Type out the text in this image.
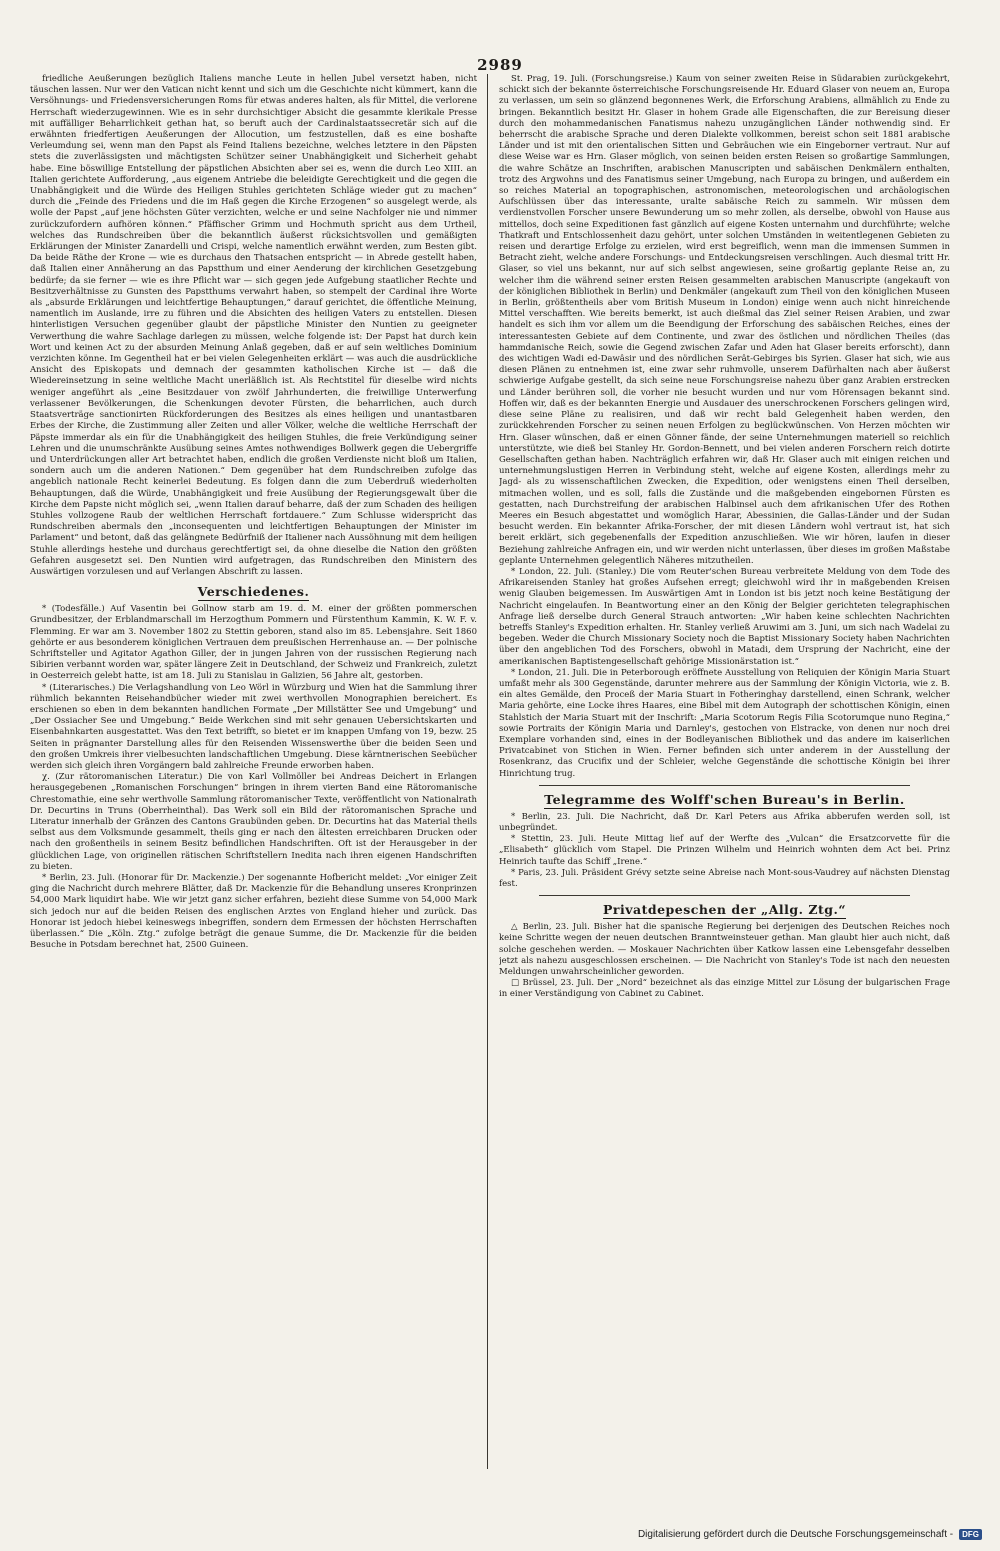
2989

friedliche Aeußerungen bezüglich Italiens manche Leute in hellen Jubel versetzt haben, nicht täuschen lassen. Nur wer den Vatican nicht kennt und sich um die Geschichte nicht kümmert, kann die Versöhnungs- und Friedensversicherungen Roms für etwas anderes halten, als für Mittel, die verlorene Herrschaft wiederzugewinnen. Wie es in sehr durchsichtiger Absicht die gesammte klerikale Presse mit auffälliger Beharrlichkeit gethan hat, so beruft auch der Cardinalstaatssecretär sich auf die erwähnten friedfertigen Aeußerungen der Allocution, um festzustellen, daß es eine boshafte Verleumdung sei, wenn man den Papst als Feind Italiens bezeichne, welches letztere in den Päpsten stets die zuverlässigsten und mächtigsten Schützer seiner Unabhängigkeit und Sicherheit gehabt habe. Eine böswillige Entstellung der päpstlichen Absichten aber sei es, wenn die durch Leo XIII. an Italien gerichtete Aufforderung, „aus eigenem Antriebe die beleidigte Gerechtigkeit und die gegen die Unabhängigkeit und die Würde des Heiligen Stuhles gerichteten Schläge wieder gut zu machen“ durch die „Feinde des Friedens und die im Haß gegen die Kirche Erzogenen“ so ausgelegt werde, als wolle der Papst „auf jene höchsten Güter verzichten, welche er und seine Nachfolger nie und nimmer zurückzufordern aufhören können.“ Pfäffischer Grimm und Hochmuth spricht aus dem Urtheil, welches das Rundschreiben über die bekanntlich äußerst rücksichtsvollen und gemäßigten Erklärungen der Minister Zanardelli und Crispi, welche namentlich erwähnt werden, zum Besten gibt. Da beide Räthe der Krone — wie es durchaus den Thatsachen entspricht — in Abrede gestellt haben, daß Italien einer Annäherung an das Papstthum und einer Aenderung der kirchlichen Gesetzgebung bedürfe; da sie ferner — wie es ihre Pflicht war — sich gegen jede Aufgebung staatlicher Rechte und Besitzverhältnisse zu Gunsten des Papstthums verwahrt haben, so stempelt der Cardinal ihre Worte als „absurde Erklärungen und leichtfertige Behauptungen,“ darauf gerichtet, die öffentliche Meinung, namentlich im Auslande, irre zu führen und die Absichten des heiligen Vaters zu entstellen. Diesen hinterlistigen Versuchen gegenüber glaubt der päpstliche Minister den Nuntien zu geeigneter Verwerthung die wahre Sachlage darlegen zu müssen, welche folgende ist: Der Papst hat durch kein Wort und keinen Act zu der absurden Meinung Anlaß gegeben, daß er auf sein weltliches Dominium verzichten könne. Im Gegentheil hat er bei vielen Gelegenheiten erklärt — was auch die ausdrückliche Ansicht des Episkopats und demnach der gesammten katholischen Kirche ist — daß die Wiedereinsetzung in seine weltliche Macht unerläßlich ist. Als Rechtstitel für dieselbe wird nichts weniger angeführt als „eine Besitzdauer von zwölf Jahrhunderten, die freiwillige Unterwerfung verlassener Bevölkerungen, die Schenkungen devoter Fürsten, die beharrlichen, auch durch Staatsverträge sanctionirten Rückforderungen des Besitzes als eines heiligen und unantastbaren Erbes der Kirche, die Zustimmung aller Zeiten und aller Völker, welche die weltliche Herrschaft der Päpste immerdar als ein für die Unabhängigkeit des heiligen Stuhles, die freie Verkündigung seiner Lehren und die unumschränkte Ausübung seines Amtes nothwendiges Bollwerk gegen die Uebergriffe und Unterdrückungen aller Art betrachtet haben, endlich die großen Verdienste nicht bloß um Italien, sondern auch um die anderen Nationen.“ Dem gegenüber hat dem Rundschreiben zufolge das angeblich nationale Recht keinerlei Bedeutung. Es folgen dann die zum Ueberdruß wiederholten Behauptungen, daß die Würde, Unabhängigkeit und freie Ausübung der Regierungsgewalt über die Kirche dem Papste nicht möglich sei, „wenn Italien darauf beharre, daß der zum Schaden des heiligen Stuhles vollzogene Raub der weltlichen Herrschaft fortdauere.“ Zum Schlusse widerspricht das Rundschreiben abermals den „inconsequenten und leichtfertigen Behauptungen der Minister im Parlament“ und betont, daß das gelängnete Bedürfniß der Italiener nach Aussöhnung mit dem heiligen Stuhle allerdings hestehe und durchaus gerechtfertigt sei, da ohne dieselbe die Nation den größten Gefahren ausgesetzt sei. Den Nuntien wird aufgetragen, das Rundschreiben den Ministern des Auswärtigen vorzulesen und auf Verlangen Abschrift zu lassen.

Verschiedenes.

* (Todesfälle.) Auf Vasentin bei Gollnow starb am 19. d. M. einer der größten pommerschen Grundbesitzer, der Erblandmarschall im Herzogthum Pommern und Fürstenthum Kammin, K. W. F. v. Flemming. Er war am 3. November 1802 zu Stettin geboren, stand also im 85. Lebensjahre. Seit 1860 gehörte er aus besonderem königlichen Vertrauen dem preußischen Herrenhause an. — Der polnische Schriftsteller und Agitator Agathon Giller, der in jungen Jahren von der russischen Regierung nach Sibirien verbannt worden war, später längere Zeit in Deutschland, der Schweiz und Frankreich, zuletzt in Oesterreich gelebt hatte, ist am 18. Juli zu Stanislau in Galizien, 56 Jahre alt, gestorben.

* (Literarisches.) Die Verlagshandlung von Leo Wörl in Würzburg und Wien hat die Sammlung ihrer rühmlich bekannten Reisehandbücher wieder mit zwei werthvollen Monographien bereichert. Es erschienen so eben in dem bekannten handlichen Formate „Der Millstätter See und Umgebung“ und „Der Ossiacher See und Umgebung.“ Beide Werkchen sind mit sehr genauen Uebersichtskarten und Eisenbahnkarten ausgestattet. Was den Text betrifft, so bietet er im knappen Umfang von 19, bezw. 25 Seiten in prägnanter Darstellung alles für den Reisenden Wissenswerthe über die beiden Seen und den großen Umkreis ihrer vielbesuchten landschaftlichen Umgebung. Diese kärntnerischen Seebücher werden sich gleich ihren Vorgängern bald zahlreiche Freunde erworben haben.

χ. (Zur rätoromanischen Literatur.) Die von Karl Vollmöller bei Andreas Deichert in Erlangen herausgegebenen „Romanischen Forschungen“ bringen in ihrem vierten Band eine Rätoromanische Chrestomathie, eine sehr werthvolle Sammlung rätoromanischer Texte, veröffentlicht von Nationalrath Dr. Decurtins in Truns (Oberrheinthal). Das Werk soll ein Bild der rätoromanischen Sprache und Literatur innerhalb der Gränzen des Cantons Graubünden geben. Dr. Decurtins hat das Material theils selbst aus dem Volksmunde gesammelt, theils ging er nach den ältesten erreichbaren Drucken oder nach den großentheils in seinem Besitz befindlichen Handschriften. Oft ist der Herausgeber in der glücklichen Lage, von originellen rätischen Schriftstellern Inedita nach ihren eigenen Handschriften zu bieten.

* Berlin, 23. Juli. (Honorar für Dr. Mackenzie.) Der sogenannte Hofbericht meldet: „Vor einiger Zeit ging die Nachricht durch mehrere Blätter, daß Dr. Mackenzie für die Behandlung unseres Kronprinzen 54,000 Mark liquidirt habe. Wie wir jetzt ganz sicher erfahren, bezieht diese Summe von 54,000 Mark sich jedoch nur auf die beiden Reisen des englischen Arztes von England hieher und zurück. Das Honorar ist jedoch hiebei keineswegs inbegriffen, sondern dem Ermessen der höchsten Herrschaften überlassen.“ Die „Köln. Ztg.“ zufolge beträgt die genaue Summe, die Dr. Mackenzie für die beiden Besuche in Potsdam berechnet hat, 2500 Guineen.

St. Prag, 19. Juli. (Forschungsreise.) Kaum von seiner zweiten Reise in Südarabien zurückgekehrt, schickt sich der bekannte österreichische Forschungsreisende Hr. Eduard Glaser von neuem an, Europa zu verlassen, um sein so glänzend begonnenes Werk, die Erforschung Arabiens, allmählich zu Ende zu bringen. Bekanntlich besitzt Hr. Glaser in hohem Grade alle Eigenschaften, die zur Bereisung dieser durch den mohammedanischen Fanatismus nahezu unzugänglichen Länder nothwendig sind. Er beherrscht die arabische Sprache und deren Dialekte vollkommen, bereist schon seit 1881 arabische Länder und ist mit den orientalischen Sitten und Gebräuchen wie ein Eingeborner vertraut. Nur auf diese Weise war es Hrn. Glaser möglich, von seinen beiden ersten Reisen so großartige Sammlungen, die wahre Schätze an Inschriften, arabischen Manuscripten und sabäischen Denkmälern enthalten, trotz des Argwohns und des Fanatismus seiner Umgebung, nach Europa zu bringen, und außerdem ein so reiches Material an topographischen, astronomischen, meteorologischen und archäologischen Aufschlüssen über das interessante, uralte sabäische Reich zu sammeln. Wir müssen dem verdienstvollen Forscher unsere Bewunderung um so mehr zollen, als derselbe, obwohl von Hause aus mittellos, doch seine Expeditionen fast gänzlich auf eigene Kosten unternahm und durchführte; welche Thatkraft und Entschlossenheit dazu gehört, unter solchen Umständen in weitentlegenen Gebieten zu reisen und derartige Erfolge zu erzielen, wird erst begreiflich, wenn man die immensen Summen in Betracht zieht, welche andere Forschungs- und Entdeckungsreisen verschlingen. Auch diesmal tritt Hr. Glaser, so viel uns bekannt, nur auf sich selbst angewiesen, seine großartig geplante Reise an, zu welcher ihm die während seiner ersten Reisen gesammelten arabischen Manuscripte (angekauft von der königlichen Bibliothek in Berlin) und Denkmäler (angekauft zum Theil von den königlichen Museen in Berlin, größtentheils aber vom British Museum in London) einige wenn auch nicht hinreichende Mittel verschafften. Wie bereits bemerkt, ist auch dießmal das Ziel seiner Reisen Arabien, und zwar handelt es sich ihm vor allem um die Beendigung der Erforschung des sabäischen Reiches, eines der interessantesten Gebiete auf dem Continente, und zwar des östlichen und nördlichen Theiles (das hammdanische Reich, sowie die Gegend zwischen Zafar und Aden hat Glaser bereits erforscht), dann des wichtigen Wadi ed-Dawâsir und des nördlichen Serât-Gebirges bis Syrien. Glaser hat sich, wie aus diesen Plänen zu entnehmen ist, eine zwar sehr ruhmvolle, unserem Dafürhalten nach aber äußerst schwierige Aufgabe gestellt, da sich seine neue Forschungsreise nahezu über ganz Arabien erstrecken und Länder berühren soll, die vorher nie besucht wurden und nur vom Hörensagen bekannt sind. Hoffen wir, daß es der bekannten Energie und Ausdauer des unerschrockenen Forschers gelingen wird, diese seine Pläne zu realisiren, und daß wir recht bald Gelegenheit haben werden, den zurückkehrenden Forscher zu seinen neuen Erfolgen zu beglückwünschen. Von Herzen möchten wir Hrn. Glaser wünschen, daß er einen Gönner fände, der seine Unternehmungen materiell so reichlich unterstützte, wie dieß bei Stanley Hr. Gordon-Bennett, und bei vielen anderen Forschern reich dotirte Gesellschaften gethan haben. Nachträglich erfahren wir, daß Hr. Glaser auch mit einigen reichen und unternehmungslustigen Herren in Verbindung steht, welche auf eigene Kosten, allerdings mehr zu Jagd- als zu wissenschaftlichen Zwecken, die Expedition, oder wenigstens einen Theil derselben, mitmachen wollen, und es soll, falls die Zustände und die maßgebenden eingebornen Fürsten es gestatten, nach Durchstreifung der arabischen Halbinsel auch dem afrikanischen Ufer des Rothen Meeres ein Besuch abgestattet und womöglich Harar, Abessinien, die Gallas-Länder und der Sudan besucht werden. Ein bekannter Afrika-Forscher, der mit diesen Ländern wohl vertraut ist, hat sich bereit erklärt, sich gegebenenfalls der Expedition anzuschließen. Wie wir hören, laufen in dieser Beziehung zahlreiche Anfragen ein, und wir werden nicht unterlassen, über dieses im großen Maßstabe geplante Unternehmen gelegentlich Näheres mitzutheilen.

* London, 22. Juli. (Stanley.) Die vom Reuter'schen Bureau verbreitete Meldung von dem Tode des Afrikareisenden Stanley hat großes Aufsehen erregt; gleichwohl wird ihr in maßgebenden Kreisen wenig Glauben beigemessen. Im Auswärtigen Amt in London ist bis jetzt noch keine Bestätigung der Nachricht eingelaufen. In Beantwortung einer an den König der Belgier gerichteten telegraphischen Anfrage ließ derselbe durch General Strauch antworten: „Wir haben keine schlechten Nachrichten betreffs Stanley's Expedition erhalten. Hr. Stanley verließ Aruwimi am 3. Juni, um sich nach Wadelai zu begeben. Weder die Church Missionary Society noch die Baptist Missionary Society haben Nachrichten über den angeblichen Tod des Forschers, obwohl in Matadi, dem Ursprung der Nachricht, eine der amerikanischen Baptistengesellschaft gehörige Missionärstation ist.“

* London, 21. Juli. Die in Peterborough eröffnete Ausstellung von Reliquien der Königin Maria Stuart umfaßt mehr als 300 Gegenstände, darunter mehrere aus der Sammlung der Königin Victoria, wie z. B. ein altes Gemälde, den Proceß der Maria Stuart in Fotheringhay darstellend, einen Schrank, welcher Maria gehörte, eine Locke ihres Haares, eine Bibel mit dem Autograph der schottischen Königin, einen Stahlstich der Maria Stuart mit der Inschrift: „Maria Scotorum Regis Filia Scotorumque nuno Regina,“ sowie Portraits der Königin Maria und Darnley's, gestochen von Elstracke, von denen nur noch drei Exemplare vorhanden sind, eines in der Bodleyanischen Bibliothek und das andere im kaiserlichen Privatcabinet von Stichen in Wien. Ferner befinden sich unter anderem in der Ausstellung der Rosenkranz, das Crucifix und der Schleier, welche Gegenstände die schottische Königin bei ihrer Hinrichtung trug.

Telegramme des Wolff'schen Bureau's in Berlin.

* Berlin, 23. Juli. Die Nachricht, daß Dr. Karl Peters aus Afrika abberufen werden soll, ist unbegründet.

* Stettin, 23. Juli. Heute Mittag lief auf der Werfte des „Vulcan“ die Ersatzcorvette für die „Elisabeth“ glücklich vom Stapel. Die Prinzen Wilhelm und Heinrich wohnten dem Act bei. Prinz Heinrich taufte das Schiff „Irene.“

* Paris, 23. Juli. Präsident Grévy setzte seine Abreise nach Mont-sous-Vaudrey auf nächsten Dienstag fest.

Privatdepeschen der „Allg. Ztg.“

△ Berlin, 23. Juli. Bisher hat die spanische Regierung bei derjenigen des Deutschen Reiches noch keine Schritte wegen der neuen deutschen Branntweinsteuer gethan. Man glaubt hier auch nicht, daß solche geschehen werden. — Moskauer Nachrichten über Katkow lassen eine Lebensgefahr desselben jetzt als nahezu ausgeschlossen erscheinen. — Die Nachricht von Stanley's Tode ist nach den neuesten Meldungen unwahrscheinlicher geworden.

□ Brüssel, 23. Juli. Der „Nord“ bezeichnet als das einzige Mittel zur Lösung der bulgarischen Frage in einer Verständigung von Cabinet zu Cabinet.

Digitalisierung gefördert durch die Deutsche Forschungsgemeinschaft -	DFG
